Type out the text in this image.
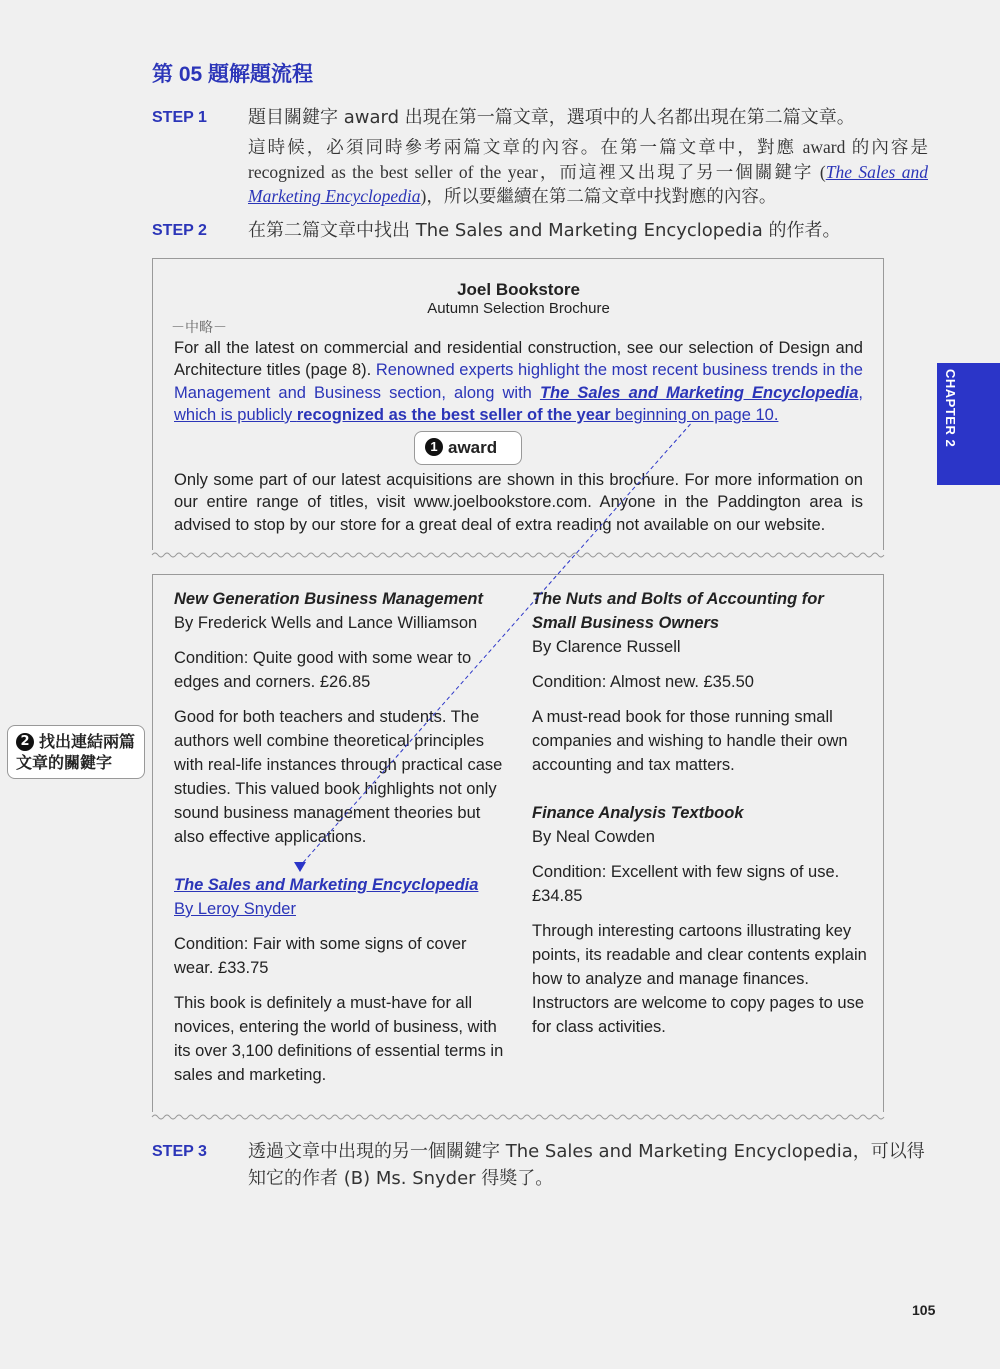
CHAPTER 2
第 05 題解題流程
STEP 1	題目關鍵字 award 出現在第一篇文章，選項中的人名都出現在第二篇文章。
這時候，必須同時參考兩篇文章的內容。在第一篇文章中，對應 award 的內容是 recognized as the best seller of the year，而這裡又出現了另一個關鍵字 (The Sales and Marketing Encyclopedia)，所以要繼續在第二篇文章中找對應的內容。
STEP 2	在第二篇文章中找出 The Sales and Marketing Encyclopedia 的作者。
Joel Bookstore
Autumn Selection Brochure
－中略－
For all the latest on commercial and residential construction, see our selection of Design and Architecture titles (page 8). Renowned experts highlight the most recent business trends in the Management and Business section, along with The Sales and Marketing Encyclopedia, which is publicly recognized as the best seller of the year beginning on page 10.
1 award
Only some part of our latest acquisitions are shown in this brochure. For more information on our entire range of titles, visit www.joelbookstore.com. Anyone in the Paddington area is advised to stop by our store for a great deal of extra reading not available on our website.
2 找出連結兩篇文章的關鍵字

New Generation Business Management
By Frederick Wells and Lance Williamson

Condition: Quite good with some wear to edges and corners. £26.85

Good for both teachers and students. The authors well combine theoretical principles with real-life instances through practical case studies. This valued book highlights not only sound business management theories but also effective applications.

The Sales and Marketing Encyclopedia
By Leroy Snyder

Condition: Fair with some signs of cover wear. £33.75

This book is definitely a must-have for all novices, entering the world of business, with its over 3,100 definitions of essential terms in sales and marketing.

The Nuts and Bolts of Accounting for Small Business Owners
By Clarence Russell

Condition: Almost new. £35.50

A must-read book for those running small companies and wishing to handle their own accounting and tax matters.

Finance Analysis Textbook
By Neal Cowden

Condition: Excellent with few signs of use. £34.85

Through interesting cartoons illustrating key points, its readable and clear contents explain how to analyze and manage finances. Instructors are welcome to copy pages to use for class activities.

STEP 3	透過文章中出現的另一個關鍵字 The Sales and Marketing Encyclopedia，可以得知它的作者 (B) Ms. Snyder 得獎了。
105
